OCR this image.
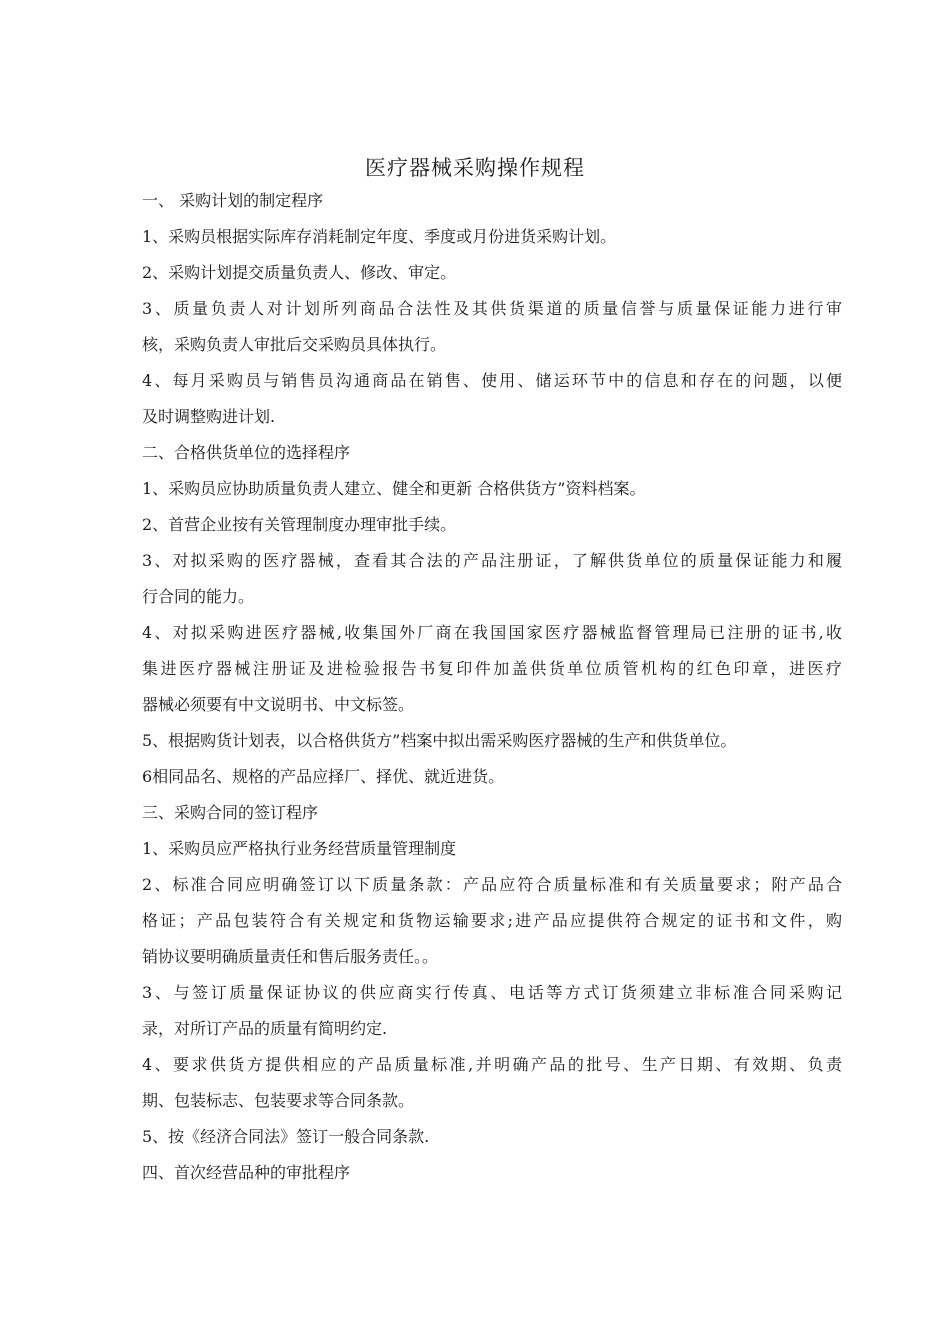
医疗器械采购操作规程
一、 采购计划的制定程序
1、采购员根据实际库存消耗制定年度、季度或月份进货采购计划。
2、采购计划提交质量负责人、修改、审定。
3、质量负责人对计划所列商品合法性及其供货渠道的质量信誉与质量保证能力进行审
核，采购负责人审批后交采购员具体执行。
4、每月采购员与销售员沟通商品在销售、使用、储运环节中的信息和存在的问题，以便
及时调整购进计划.
二、合格供货单位的选择程序
1、采购员应协助质量负责人建立、健全和更新 合格供货方”资料档案。
2、首营企业按有关管理制度办理审批手续。
3、对拟采购的医疗器械，查看其合法的产品注册证，了解供货单位的质量保证能力和履
行合同的能力。
4、对拟采购进医疗器械,收集国外厂商在我国国家医疗器械监督管理局已注册的证书,收
集进医疗器械注册证及进检验报告书复印件加盖供货单位质管机构的红色印章，进医疗
器械必须要有中文说明书、中文标签。
5、根据购货计划表，以合格供货方”档案中拟出需采购医疗器械的生产和供货单位。
6相同品名、规格的产品应择厂、择优、就近进货。
三、采购合同的签订程序
1、采购员应严格执行业务经营质量管理制度
2、标准合同应明确签订以下质量条款：产品应符合质量标准和有关质量要求；附产品合
格证；产品包装符合有关规定和货物运输要求;进产品应提供符合规定的证书和文件，购
销协议要明确质量责任和售后服务责任。。
3、与签订质量保证协议的供应商实行传真、电话等方式订货须建立非标准合同采购记
录，对所订产品的质量有简明约定.
4、要求供货方提供相应的产品质量标准,并明确产品的批号、生产日期、有效期、负责
期、包装标志、包装要求等合同条款。
5、按《经济合同法》签订一般合同条款.
四、首次经营品种的审批程序
